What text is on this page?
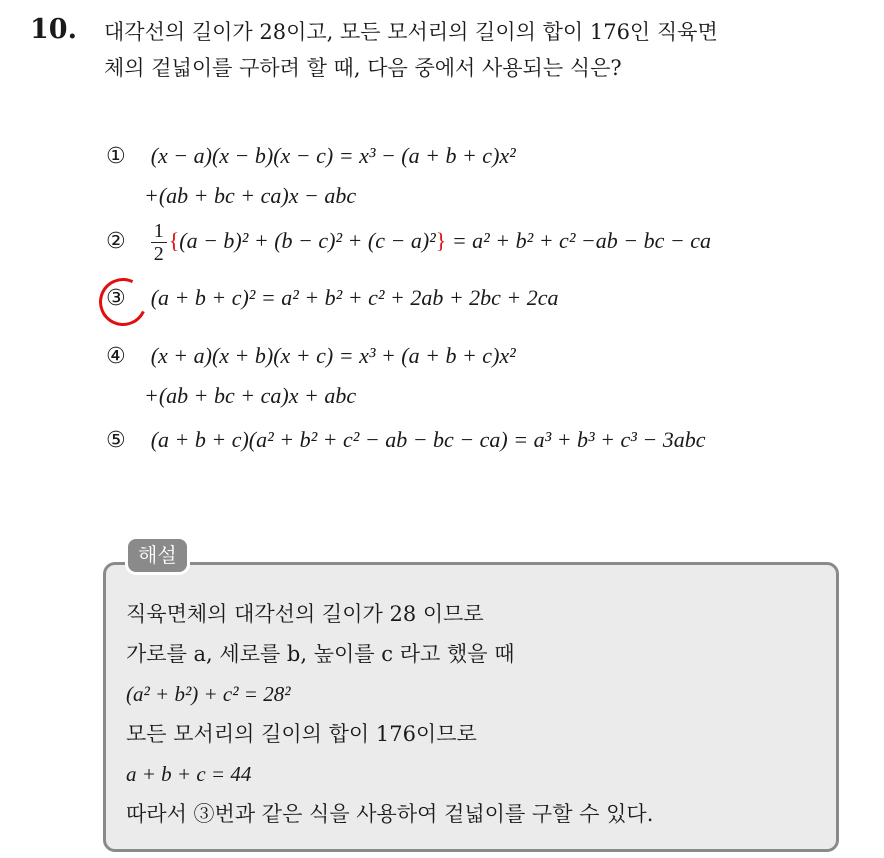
10. 대각선의 길이가 28이고, 모든 모서리의 길이의 합이 176인 직육면
체의 겉넓이를 구하려 할 때, 다음 중에서 사용되는 식은?
① (x − a)(x − b)(x − c) = x³ − (a + b + c)x²
+(ab + bc + ca)x − abc
② $\frac{1}{2} \{(a - b)^2 + (b - c)^2 + (c - a)^2\} = a^2 + b^2 + c^2 -ab$ − bc − ca
③ (a + b + c)² = a² + b² + c² + 2ab + 2bc + 2ca
④ (x + a)(x + b)(x + c) = x³ + (a + b + c)x²
+(ab + bc + ca)x + abc
⑤ (a + b + c)(a² + b² + c² − ab − bc − ca) = a³ + b³ + c³ − 3abc
해설
직육면체의 대각선의 길이가 28 이므로
가로를 a, 세로를 b, 높이를 c 라고 했을 때
(a² + b²) + c² = 28²
모든 모서리의 길이의 합이 176이므로
a + b + c = 44
따라서 ③번과 같은 식을 사용하여 겉넓이를 구할 수 있다.
